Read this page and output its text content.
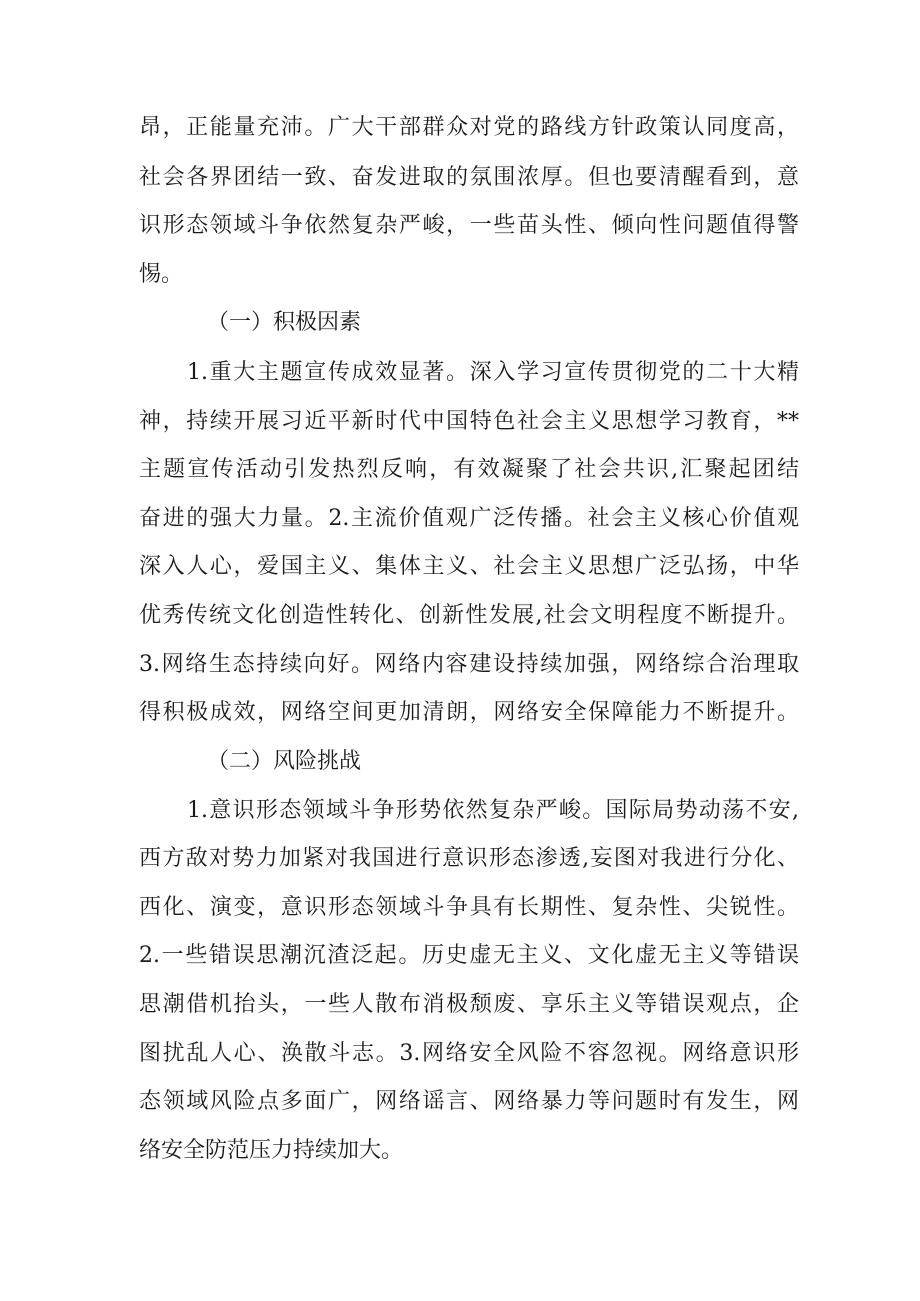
昂，正能量充沛。广大干部群众对党的路线方针政策认同度高，
社会各界团结一致、奋发进取的氛围浓厚。但也要清醒看到，意
识形态领域斗争依然复杂严峻，一些苗头性、倾向性问题值得警
惕。
（一）积极因素
1.重大主题宣传成效显著。深入学习宣传贯彻党的二十大精
神，持续开展习近平新时代中国特色社会主义思想学习教育，**
主题宣传活动引发热烈反响，有效凝聚了社会共识,汇聚起团结
奋进的强大力量。2.主流价值观广泛传播。社会主义核心价值观
深入人心，爱国主义、集体主义、社会主义思想广泛弘扬，中华
优秀传统文化创造性转化、创新性发展,社会文明程度不断提升。
3.网络生态持续向好。网络内容建设持续加强，网络综合治理取
得积极成效，网络空间更加清朗，网络安全保障能力不断提升。
（二）风险挑战
1.意识形态领域斗争形势依然复杂严峻。国际局势动荡不安,
西方敌对势力加紧对我国进行意识形态渗透,妄图对我进行分化、
西化、演变，意识形态领域斗争具有长期性、复杂性、尖锐性。
2.一些错误思潮沉渣泛起。历史虚无主义、文化虚无主义等错误
思潮借机抬头，一些人散布消极颓废、享乐主义等错误观点，企
图扰乱人心、涣散斗志。3.网络安全风险不容忽视。网络意识形
态领域风险点多面广，网络谣言、网络暴力等问题时有发生，网
络安全防范压力持续加大。
